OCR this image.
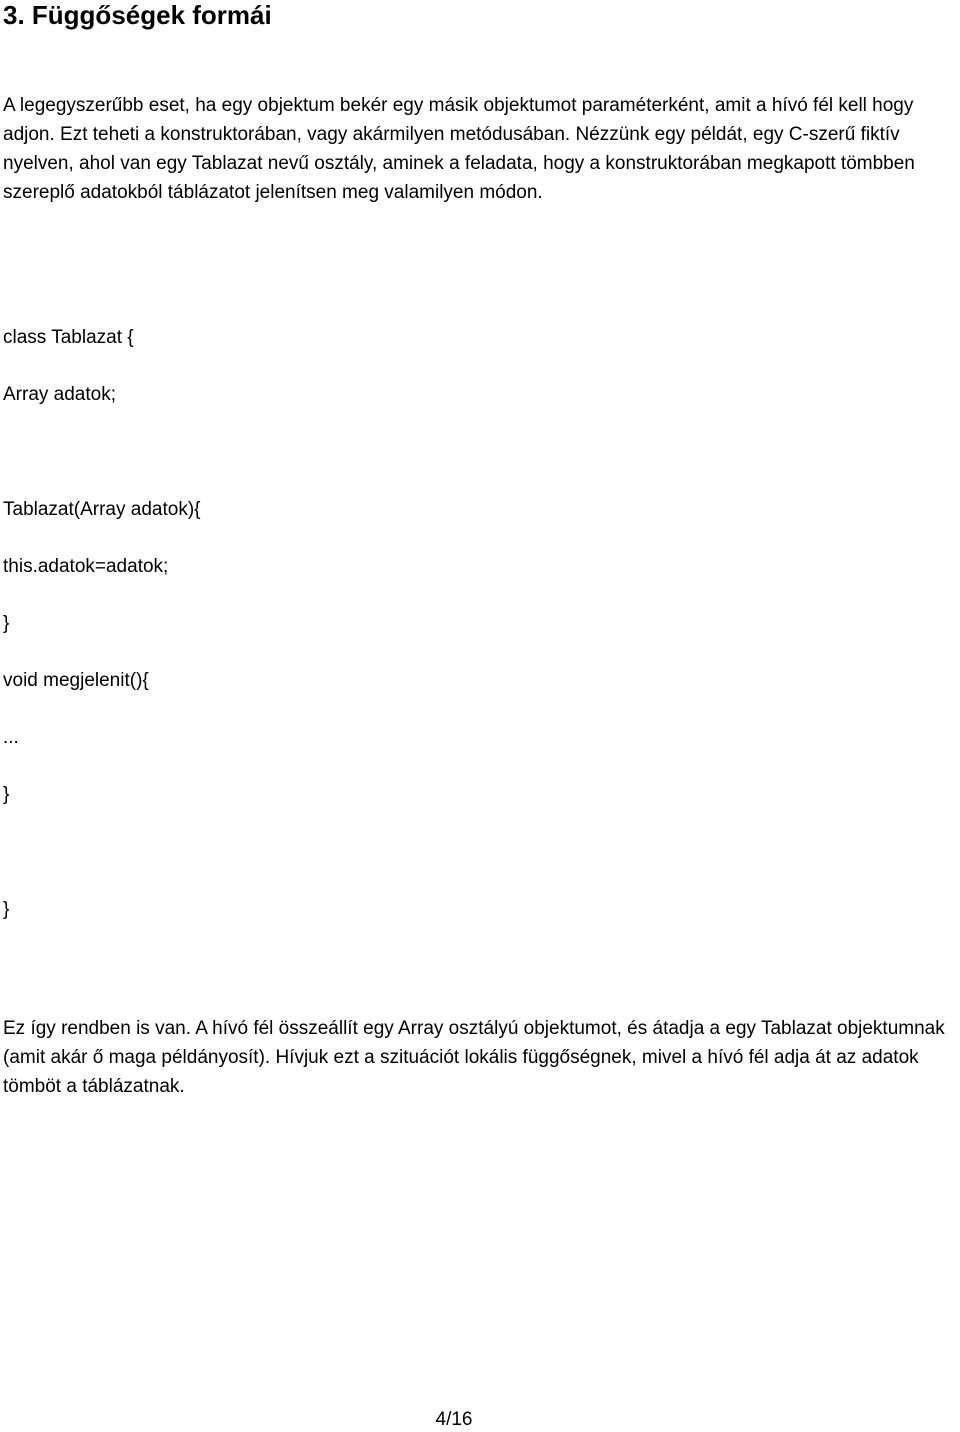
3. Függőségek formái

A legegyszerűbb eset, ha egy objektum bekér egy másik objektumot paraméterként, amit a hívó fél kell hogy adjon. Ezt teheti a konstruktorában, vagy akármilyen metódusában. Nézzünk egy példát, egy C-szerű fiktív nyelven, ahol van egy Tablazat nevű osztály, aminek a feladata, hogy a konstruktorában megkapott tömbben szereplő adatokból táblázatot jelenítsen meg valamilyen módon.

class Tablazat {

Array adatok;

Tablazat(Array adatok){

this.adatok=adatok;

}

void megjelenit(){

...

}

}

Ez így rendben is van. A hívó fél összeállít egy Array osztályú objektumot, és átadja a egy Tablazat objektumnak (amit akár ő maga példányosít). Hívjuk ezt a szituációt lokális függőségnek, mivel a hívó fél adja át az adatok tömböt a táblázatnak.

4/16
